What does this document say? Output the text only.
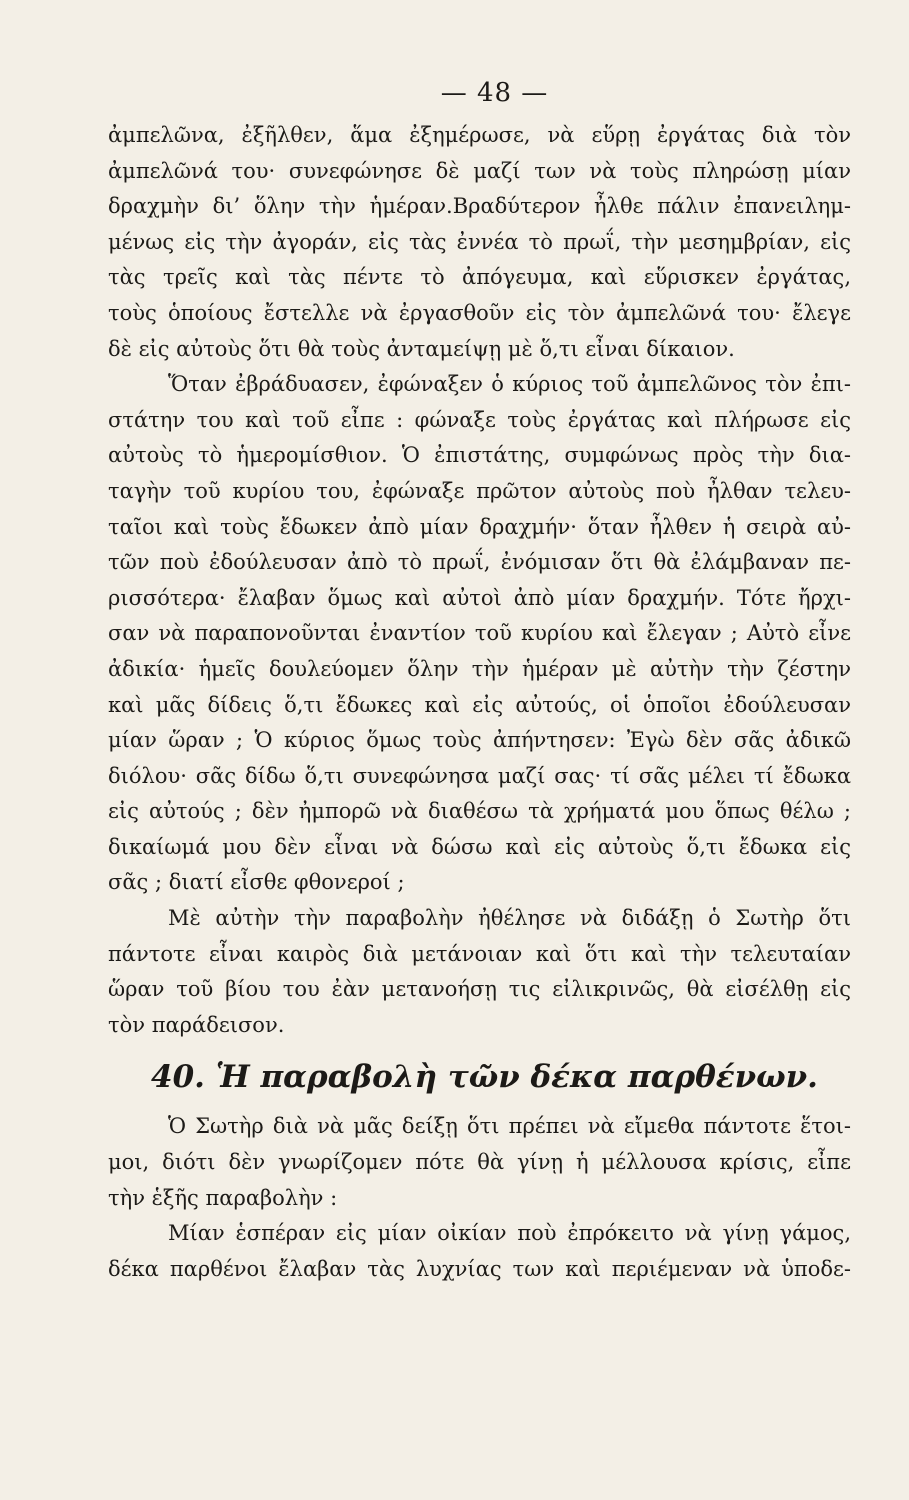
— 48 —

ἀμπελῶνα, ἐξῆλθεν, ἅμα ἐξημέρωσε, νὰ εὕρῃ ἐργάτας διὰ τὸν
ἀμπελῶνά του· συνεφώνησε δὲ μαζί των νὰ τοὺς πληρώσῃ μίαν
δραχμὴν δι’ ὅλην τὴν ἡμέραν.Βραδύτερον ἦλθε πάλιν ἐπανειλημ-
μένως εἰς τὴν ἀγοράν, εἰς τὰς ἐννέα τὸ πρωΐ, τὴν μεσημβρίαν, εἰς
τὰς τρεῖς καὶ τὰς πέντε τὸ ἀπόγευμα, καὶ εὕρισκεν ἐργάτας,
τοὺς ὁποίους ἔστελλε νὰ ἐργασθοῦν εἰς τὸν ἀμπελῶνά του· ἔλεγε
δὲ εἰς αὐτοὺς ὅτι θὰ τοὺς ἀνταμείψῃ μὲ ὅ,τι εἶναι δίκαιον.

Ὅταν ἐβράδυασεν, ἐφώναξεν ὁ κύριος τοῦ ἀμπελῶνος τὸν ἐπι-
στάτην του καὶ τοῦ εἶπε : φώναξε τοὺς ἐργάτας καὶ πλήρωσε εἰς
αὐτοὺς τὸ ἡμερομίσθιον. Ὁ ἐπιστάτης, συμφώνως πρὸς τὴν δια-
ταγὴν τοῦ κυρίου του, ἐφώναξε πρῶτον αὐτοὺς ποὺ ἦλθαν τελευ-
ταῖοι καὶ τοὺς ἔδωκεν ἀπὸ μίαν δραχμήν· ὅταν ἦλθεν ἡ σειρὰ αὐ-
τῶν ποὺ ἐδούλευσαν ἀπὸ τὸ πρωΐ, ἐνόμισαν ὅτι θὰ ἐλάμβαναν πε-
ρισσότερα· ἔλαβαν ὅμως καὶ αὐτοὶ ἀπὸ μίαν δραχμήν. Τότε ἤρχι-
σαν νὰ παραπονοῦνται ἐναντίον τοῦ κυρίου καὶ ἔλεγαν ; Αὐτὸ εἶνε
ἀδικία· ἡμεῖς δουλεύομεν ὅλην τὴν ἡμέραν μὲ αὐτὴν τὴν ζέστην
καὶ μᾶς δίδεις ὅ,τι ἔδωκες καὶ εἰς αὐτούς, οἱ ὁποῖοι ἐδούλευσαν
μίαν ὥραν ; Ὁ κύριος ὅμως τοὺς ἀπήντησεν: Ἐγὼ δὲν σᾶς ἀδικῶ
διόλου· σᾶς δίδω ὅ,τι συνεφώνησα μαζί σας· τί σᾶς μέλει τί ἔδωκα
εἰς αὐτούς ; δὲν ἠμπορῶ νὰ διαθέσω τὰ χρήματά μου ὅπως θέλω ;
δικαίωμά μου δὲν εἶναι νὰ δώσω καὶ εἰς αὐτοὺς ὅ,τι ἔδωκα εἰς
σᾶς ; διατί εἶσθε φθονεροί ;

Μὲ αὐτὴν τὴν παραβολὴν ἠθέλησε νὰ διδάξῃ ὁ Σωτὴρ ὅτι
πάντοτε εἶναι καιρὸς διὰ μετάνοιαν καὶ ὅτι καὶ τὴν τελευταίαν
ὥραν τοῦ βίου του ἐὰν μετανοήσῃ τις εἰλικρινῶς, θὰ εἰσέλθῃ εἰς
τὸν παράδεισον.

40. Ἡ παραβολὴ τῶν δέκα παρθένων.

Ὁ Σωτὴρ διὰ νὰ μᾶς δείξῃ ὅτι πρέπει νὰ εἴμεθα πάντοτε ἕτοι-
μοι, διότι δὲν γνωρίζομεν πότε θὰ γίνῃ ἡ μέλλουσα κρίσις, εἶπε
τὴν ἑξῆς παραβολὴν :

Μίαν ἑσπέραν εἰς μίαν οἰκίαν ποὺ ἐπρόκειτο νὰ γίνῃ γάμος,
δέκα παρθένοι ἔλαβαν τὰς λυχνίας των καὶ περιέμεναν νὰ ὑποδε-
